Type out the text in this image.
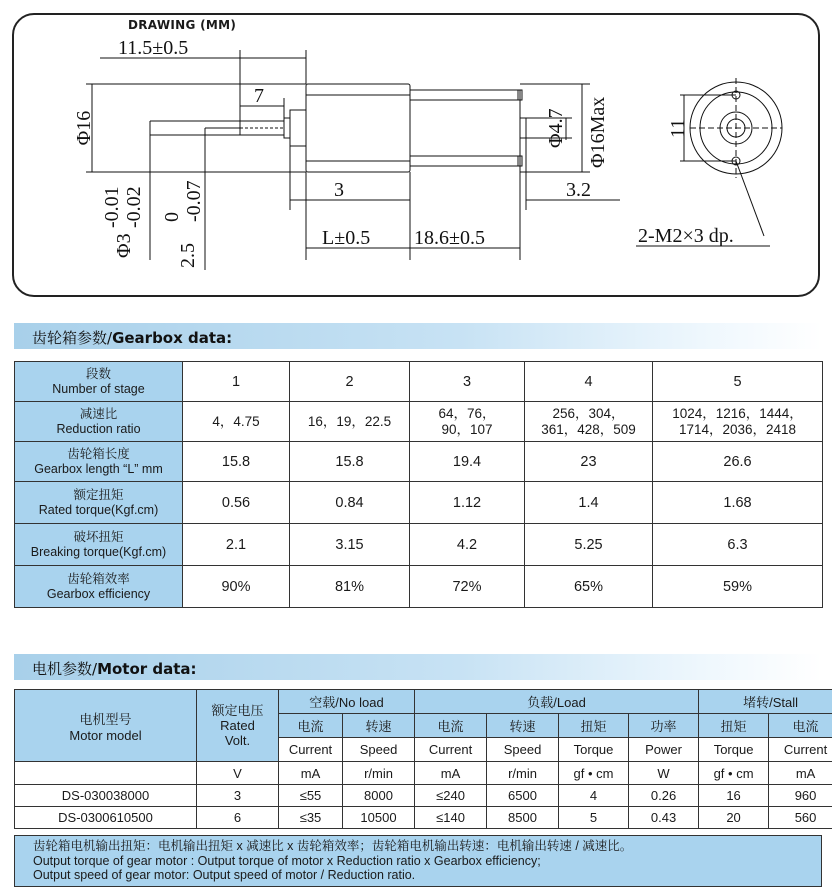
DRAWING (MM)
11.5±0.5
7
Φ16
Φ3
-0.01 -0.02
2.5
0 -0.07	3
L±0.5 18.6±0.5
3.2
Φ4.7 Φ16Max	11
2-M2×3 dp.
齿轮箱参数/Gearbox data:
段数
Number of stage	1	2	3	4	5

减速比
Reduction ratio	4，4.75	16，19，22.5	64，76，
90，107	256，304，
361，428，509	1024，1216，1444，
1714，2036，2418

齿轮箱长度
Gearbox length “L” mm	15.8	15.8	19.4	23	26.6

额定扭矩
Rated torque(Kgf.cm)	0.56	0.84	1.12	1.4	1.68

破坏扭矩
Breaking torque(Kgf.cm)	2.1	3.15	4.2	5.25	6.3

齿轮箱效率
Gearbox efficiency	90%	81%	72%	65%	59%
电机参数/Motor data:
电机型号
Motor model	额定电压
Rated
Volt.	空载/No load		负载/Load				堵转/Stall	
		电流	转速	电流	转速	扭矩	功率	扭矩	电流
		Current	Speed	Current	Speed	Torque	Power	Torque	Current
	V	mA	r/min	mA	r/min	gf • cm	W	gf • cm	mA
DS-030038000	3	≤55	8000	≤240	6500	4	0.26	16	960
DS-0300610500	6	≤35	10500	≤140	8500	5	0.43	20	560
齿轮箱电机输出扭矩：电机输出扭矩 x 减速比 x 齿轮箱效率；齿轮箱电机输出转速：电机输出转速 / 减速比。
Output torque of gear motor : Output torque of motor x Reduction ratio x Gearbox efficiency;
Output speed of gear motor: Output speed of motor / Reduction ratio.
